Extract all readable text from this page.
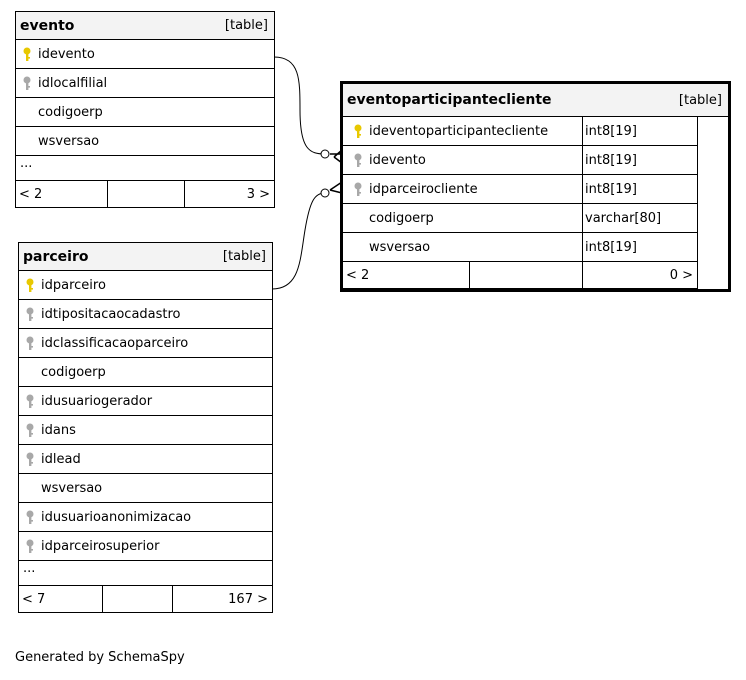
evento	[table]
idevento
idlocalfilial
codigoerp
wsversao
...
< 2	3 >
parceiro	[table]
idparceiro
idtipositacaocadastro
idclassificacaoparceiro
codigoerp
idusuariogerador
idans
idlead
wsversao
idusuarioanonimizacao
idparceirosuperior
...
< 7	167 >
eventoparticipantecliente	[table]
ideventoparticipantecliente	int8[19]
idevento	int8[19]
idparceirocliente	int8[19]
codigoerp	varchar[80]
wsversao	int8[19]
< 2	0 >
Generated by SchemaSpy
